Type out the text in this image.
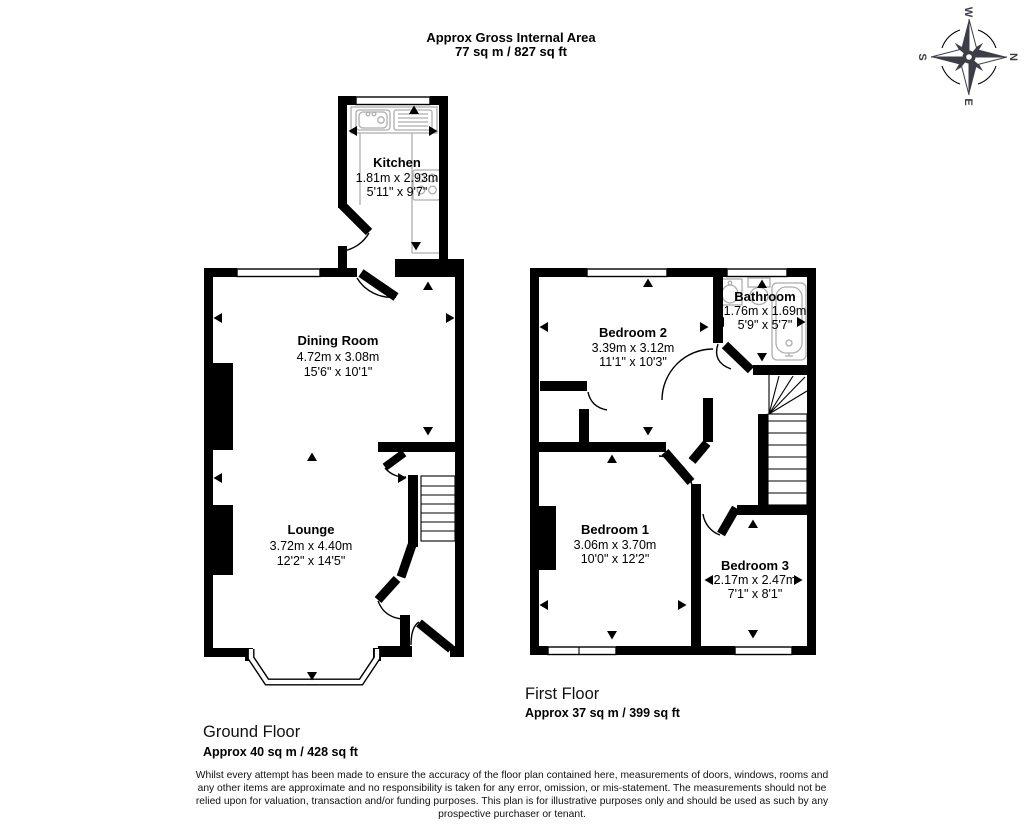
Approx Gross Internal Area
77 sq m / 827 sq ft	N
E
S
W
Kitchen
1.81m x 2.93m
5'11" x 9'7"
Dining Room
4.72m x 3.08m
15'6" x 10'1"
Lounge
3.72m x 4.40m
12'2" x 14'5"
Ground Floor
Approx 40 sq m / 428 sq ft
Bedroom 2
3.39m x 3.12m
11'1" x 10'3"
Bathroom
1.76m x 1.69m
5'9" x 5'7"
Bedroom 1
3.06m x 3.70m
10'0" x 12'2"	Bedroom 3
2.17m x 2.47m
7'1" x 8'1"
First Floor
Approx 37 sq m / 399 sq ft
Whilst every attempt has been made to ensure the accuracy of the floor plan contained here, measurements of doors, windows, rooms and
any other items are approximate and no responsibility is taken for any error, omission, or mis-statement. The measurements should not be
relied upon for valuation, transaction and/or funding purposes. This plan is for illustrative purposes only and should be used as such by any
prospective purchaser or tenant.
